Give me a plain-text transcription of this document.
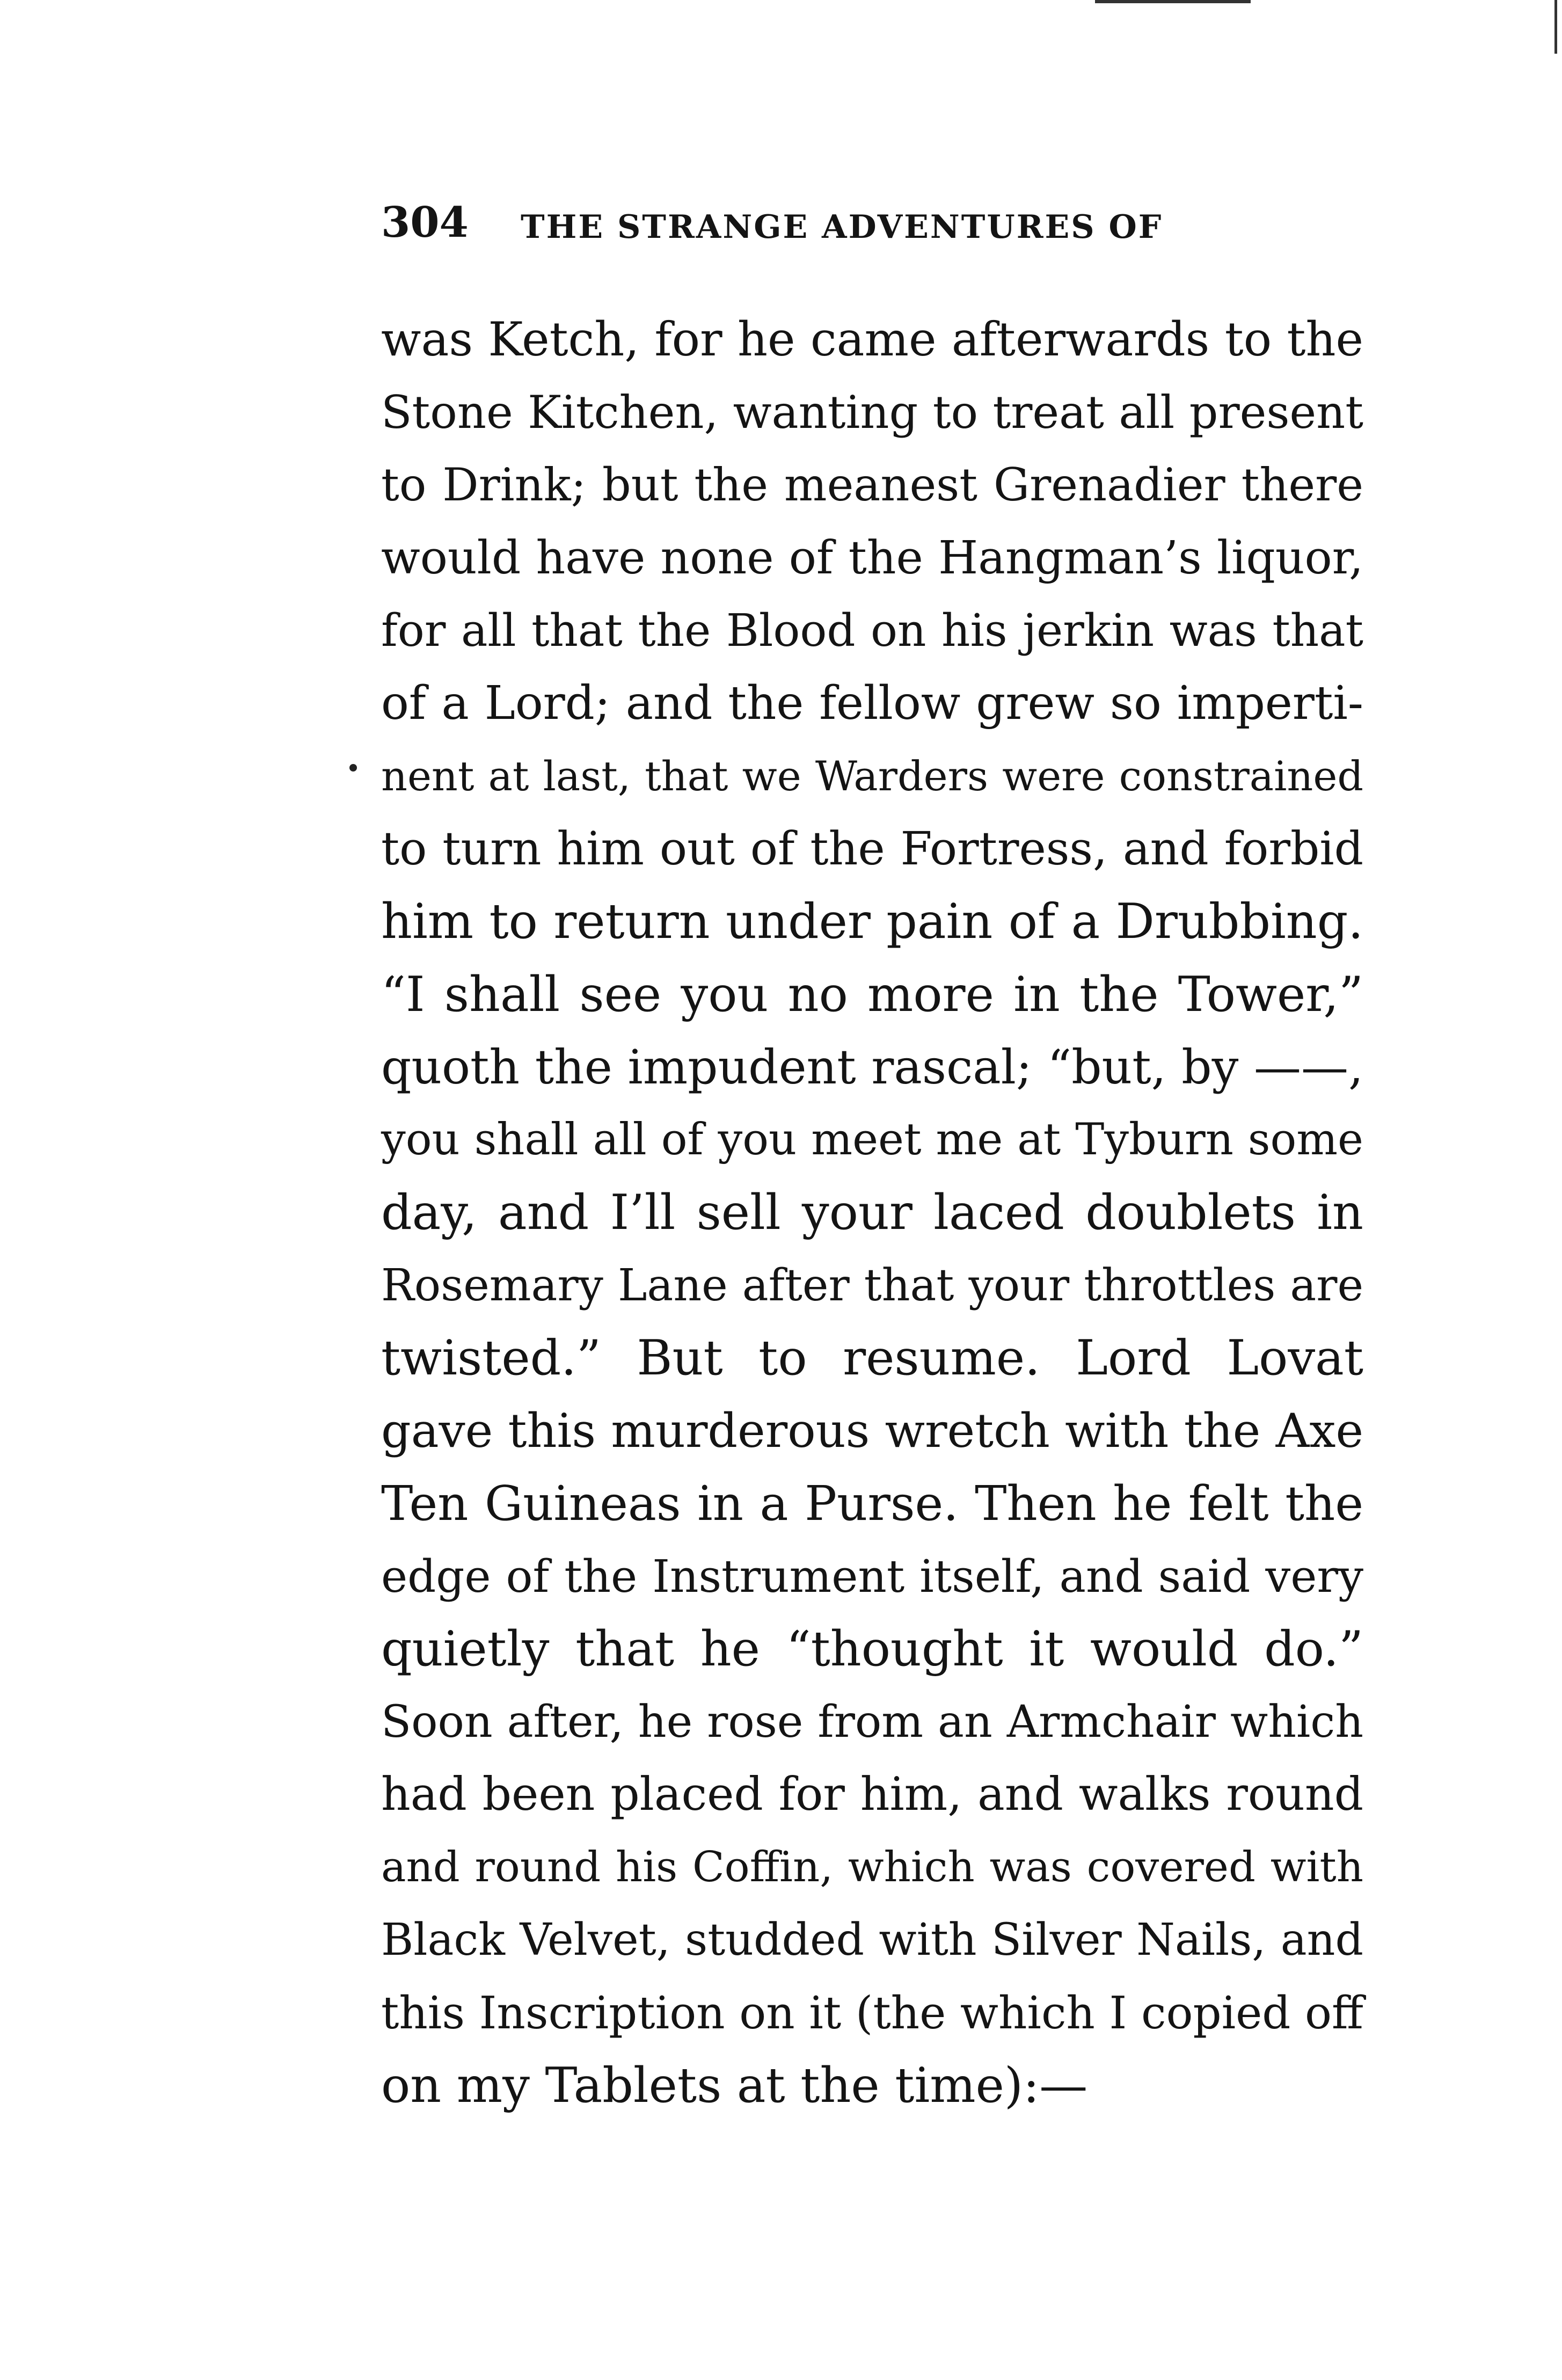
304 THE STRANGE ADVENTURES OF
was Ketch, for he came afterwards to the
Stone Kitchen, wanting to treat all present
to Drink; but the meanest Grenadier there
would have none of the Hangman’s liquor,
for all that the Blood on his jerkin was that
of a Lord; and the fellow grew so imperti-
nent at last, that we Warders were constrained
to turn him out of the Fortress, and forbid
him to return under pain of a Drubbing.
“I shall see you no more in the Tower,”
quoth the impudent rascal; “but, by ——,
you shall all of you meet me at Tyburn some
day, and I’ll sell your laced doublets in
Rosemary Lane after that your throttles are
twisted.” But to resume. Lord Lovat
gave this murderous wretch with the Axe
Ten Guineas in a Purse. Then he felt the
edge of the Instrument itself, and said very
quietly that he “thought it would do.”
Soon after, he rose from an Armchair which
had been placed for him, and walks round
and round his Coffin, which was covered with
Black Velvet, studded with Silver Nails, and
this Inscription on it (the which I copied off
on my Tablets at the time):—
